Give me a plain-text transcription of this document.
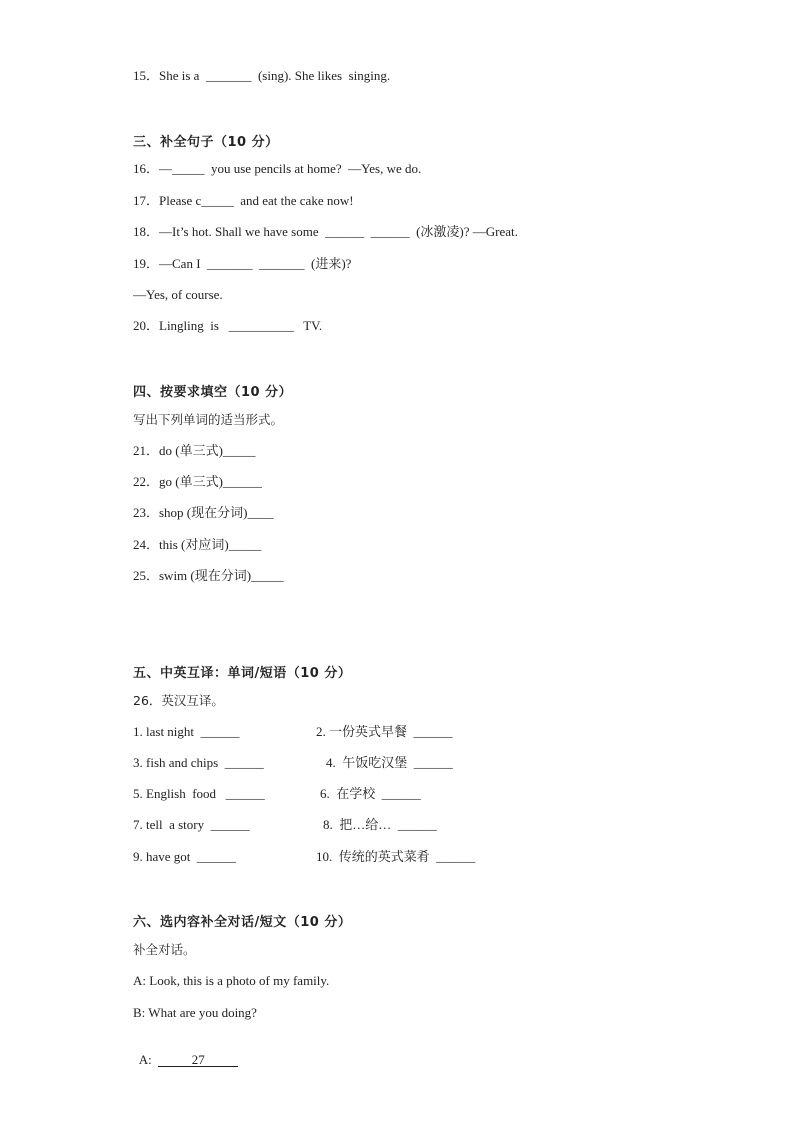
15．She is a  _______  (sing). She likes  singing.
三、补全句子（10 分）
16．—_____  you use pencils at home?  —Yes, we do.
17．Please c_____  and eat the cake now!
18．—It’s hot. Shall we have some  ______  ______  (冰激凌)? —Great.
19．—Can I  _______  _______  (进来)?
—Yes, of course.
20．Lingling  is   __________   TV.
四、按要求填空（10 分）
写出下列单词的适当形式。
21．do (单三式)_____
22．go (单三式)______
23．shop (现在分词)____
24．this (对应词)_____
25．swim (现在分词)_____
五、中英互译：单词/短语（10 分）
26．英汉互译。
1. last night  ______	2. 一份英式早餐  ______
3. fish and chips  ______	4.  午饭吃汉堡  ______
5. English  food   ______	6.  在学校  ______
7. tell  a story  ______	8.  把…给…  ______
9. have got  ______	10.  传统的英式菜肴  ______
六、选内容补全对话/短文（10 分）
补全对话。
A: Look, this is a photo of my family.
B: What are you doing?

A:	27
